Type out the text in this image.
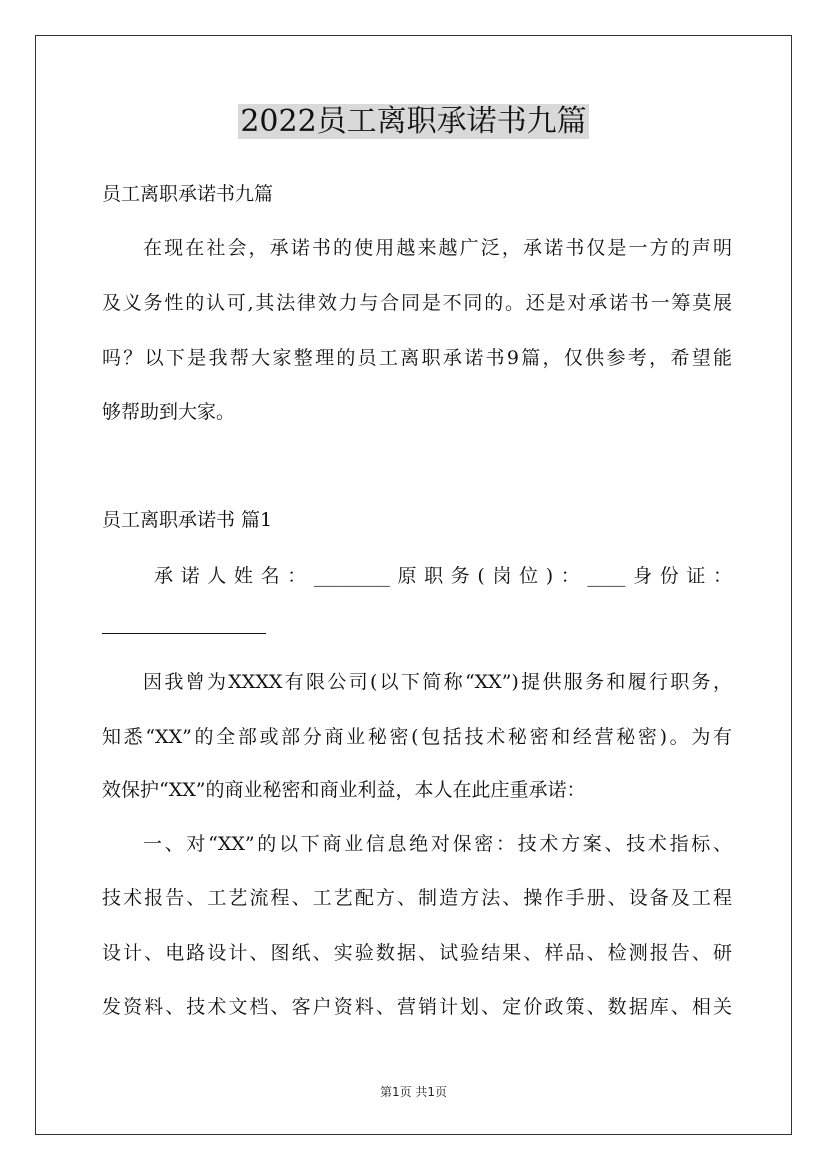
2022员工离职承诺书九篇
员工离职承诺书九篇
在现在社会，承诺书的使用越来越广泛，承诺书仅是一方的声明
及义务性的认可,其法律效力与合同是不同的。还是对承诺书一筹莫展
吗？以下是我帮大家整理的员工离职承诺书9篇，仅供参考，希望能
够帮助到大家。
员工离职承诺书 篇1
承诺人姓名：________原职务(岗位)：____身份证：
因我曾为XXXX有限公司(以下简称“XX”)提供服务和履行职务，
知悉“XX”的全部或部分商业秘密(包括技术秘密和经营秘密)。为有
效保护“XX”的商业秘密和商业利益，本人在此庄重承诺：
一、对“XX”的以下商业信息绝对保密：技术方案、技术指标、
技术报告、工艺流程、工艺配方、制造方法、操作手册、设备及工程
设计、电路设计、图纸、实验数据、试验结果、样品、检测报告、研
发资料、技术文档、客户资料、营销计划、定价政策、数据库、相关
第1页 共1页
